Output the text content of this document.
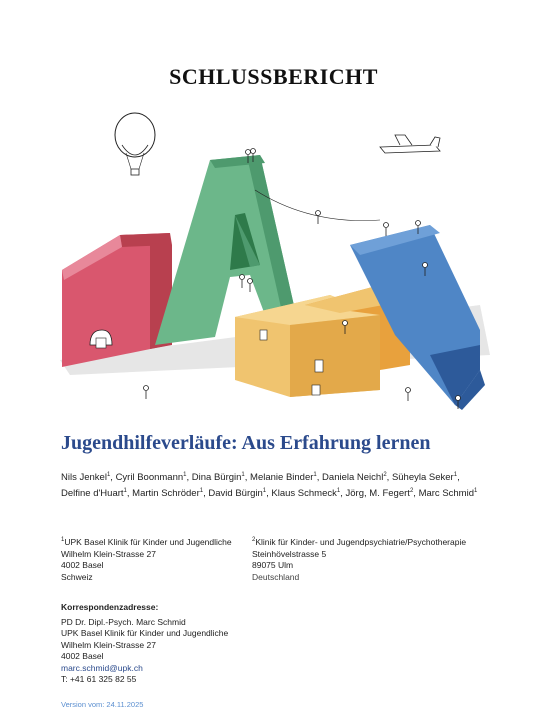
SCHLUSSBERICHT
Jugendhilfeverläufe: Aus Erfahrung lernen
Nils Jenkel$^1$, Cyril Boonmann$^1$, Dina Bürgin$^1$, Melanie Binder$^1$, Daniela Neichl$^2$, Süheyla Seker$^1$, Delfine d'Huart$^1$, Martin Schröder$^1$, David Bürgin$^1$, Klaus Schmeck$^1$, Jörg, M. Fegert$^2$, Marc Schmid$^1$
$^1$UPK Basel Klinik für Kinder und Jugendliche
Wilhelm Klein-Strasse 27
4002 Basel
Schweiz
$^2$Klinik für Kinder- und Jugendpsychiatrie/Psychotherapie
Steinhövelstrasse 5
89075 Ulm
Deutschland
Korrespondenzadresse:
PD Dr. Dipl.-Psych. Marc Schmid
UPK Basel Klinik für Kinder und Jugendliche
Wilhelm Klein-Strasse 27
4002 Basel
marc.schmid@upk.ch
T: +41 61 325 82 55
Version vom: 24.11.2025
